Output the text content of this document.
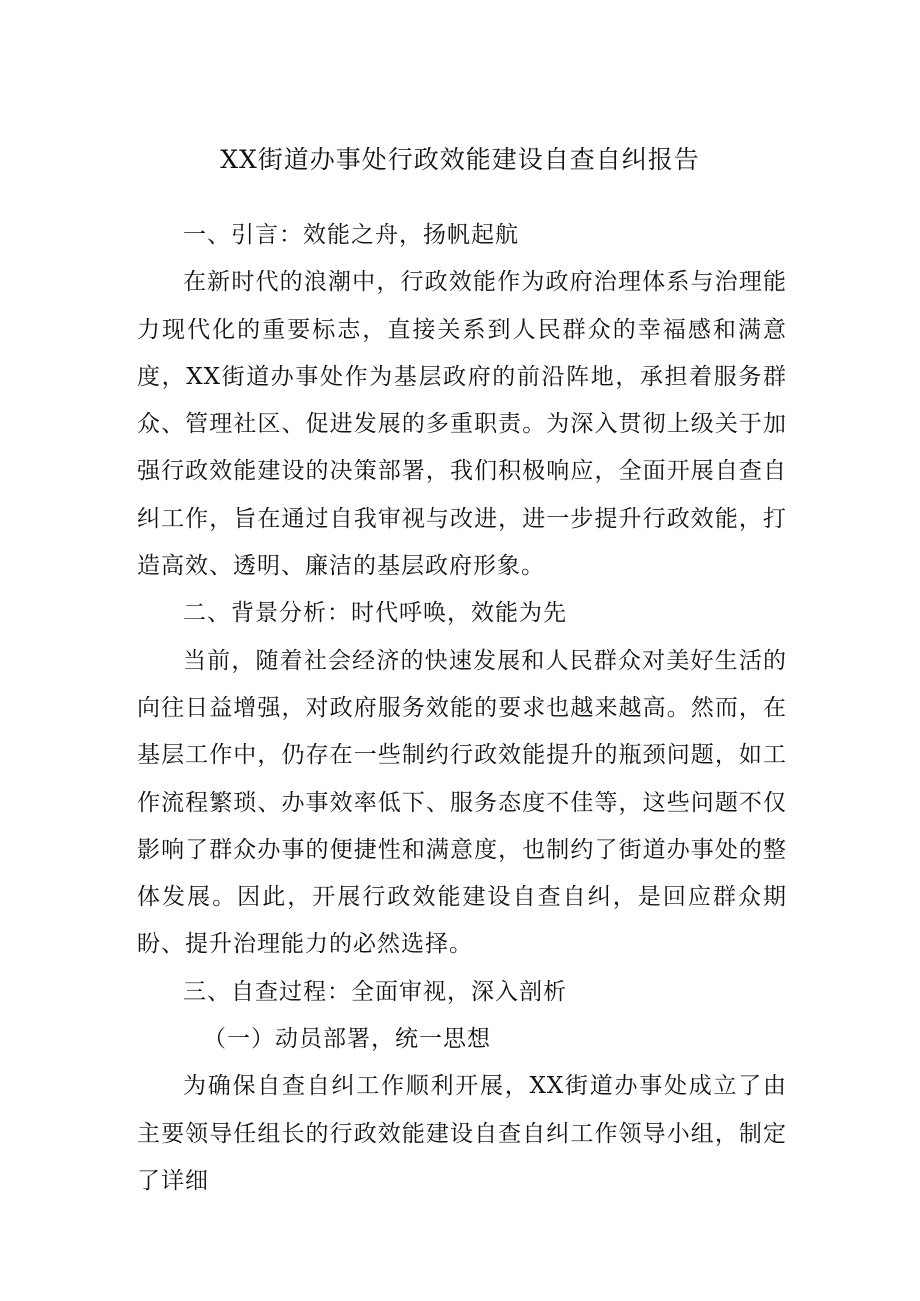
XX街道办事处行政效能建设自查自纠报告

一、引言：效能之舟，扬帆起航

在新时代的浪潮中，行政效能作为政府治理体系与治理能力现代化的重要标志，直接关系到人民群众的幸福感和满意度，XX街道办事处作为基层政府的前沿阵地，承担着服务群众、管理社区、促进发展的多重职责。为深入贯彻上级关于加强行政效能建设的决策部署，我们积极响应，全面开展自查自纠工作，旨在通过自我审视与改进，进一步提升行政效能，打造高效、透明、廉洁的基层政府形象。

二、背景分析：时代呼唤，效能为先

当前，随着社会经济的快速发展和人民群众对美好生活的向往日益增强，对政府服务效能的要求也越来越高。然而，在基层工作中，仍存在一些制约行政效能提升的瓶颈问题，如工作流程繁琐、办事效率低下、服务态度不佳等，这些问题不仅影响了群众办事的便捷性和满意度，也制约了街道办事处的整体发展。因此，开展行政效能建设自查自纠，是回应群众期盼、提升治理能力的必然选择。

三、自查过程：全面审视，深入剖析

（一）动员部署，统一思想

为确保自查自纠工作顺利开展，XX街道办事处成立了由主要领导任组长的行政效能建设自查自纠工作领导小组，制定了详细
